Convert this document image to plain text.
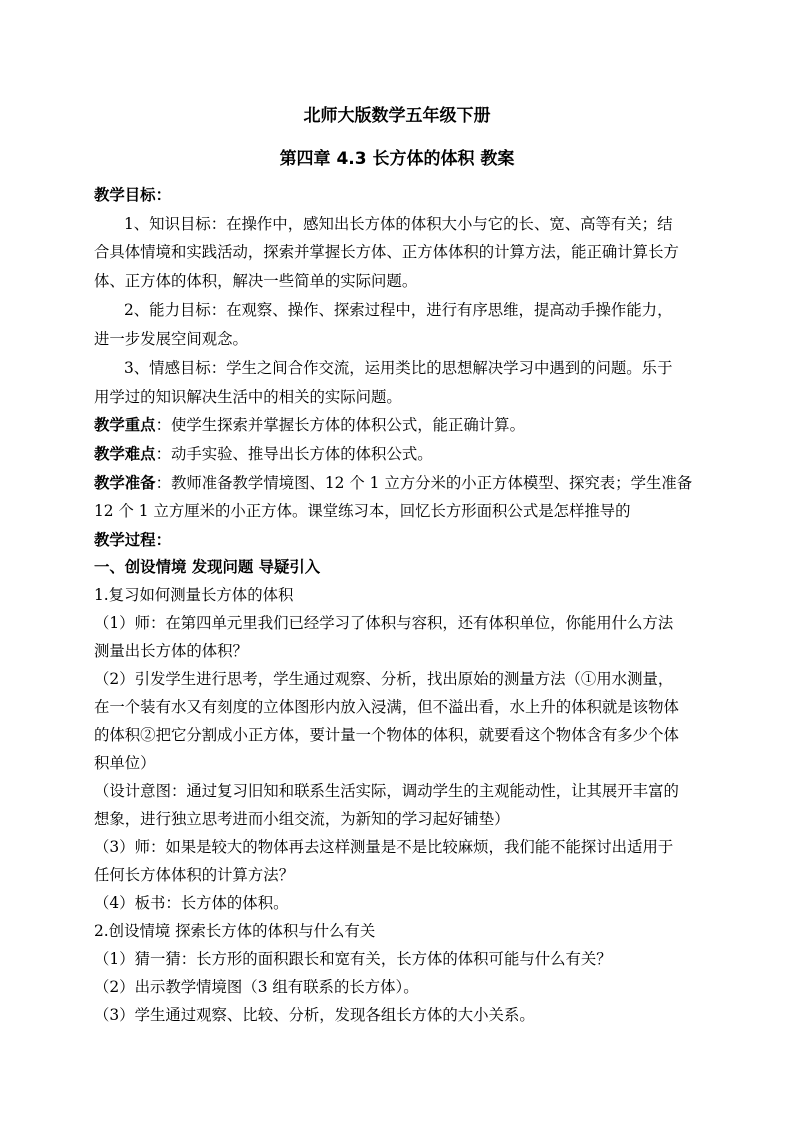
北师大版数学五年级下册
第四章 4.3 长方体的体积 教案
教学目标：
1、知识目标：在操作中，感知出长方体的体积大小与它的长、宽、高等有关；结
合具体情境和实践活动，探索并掌握长方体、正方体体积的计算方法，能正确计算长方
体、正方体的体积，解决一些简单的实际问题。
2、能力目标：在观察、操作、探索过程中，进行有序思维，提高动手操作能力，
进一步发展空间观念。
3、情感目标：学生之间合作交流，运用类比的思想解决学习中遇到的问题。乐于
用学过的知识解决生活中的相关的实际问题。
教学重点：使学生探索并掌握长方体的体积公式，能正确计算。
教学难点：动手实验、推导出长方体的体积公式。
教学准备：教师准备教学情境图、12 个 1 立方分米的小正方体模型、探究表；学生准备
12 个 1 立方厘米的小正方体。课堂练习本，回忆长方形面积公式是怎样推导的
教学过程：
一、创设情境 发现问题 导疑引入
1.复习如何测量长方体的体积
（1）师：在第四单元里我们已经学习了体积与容积，还有体积单位，你能用什么方法
测量出长方体的体积？
（2）引发学生进行思考，学生通过观察、分析，找出原始的测量方法（①用水测量，
在一个装有水又有刻度的立体图形内放入浸满，但不溢出看，水上升的体积就是该物体
的体积②把它分割成小正方体，要计量一个物体的体积，就要看这个物体含有多少个体
积单位）
（设计意图：通过复习旧知和联系生活实际，调动学生的主观能动性，让其展开丰富的
想象，进行独立思考进而小组交流，为新知的学习起好铺垫）
（3）师：如果是较大的物体再去这样测量是不是比较麻烦，我们能不能探讨出适用于
任何长方体体积的计算方法？
（4）板书：长方体的体积。
2.创设情境 探索长方体的体积与什么有关
（1）猜一猜：长方形的面积跟长和宽有关，长方体的体积可能与什么有关？
（2）出示教学情境图（3 组有联系的长方体）。
（3）学生通过观察、比较、分析，发现各组长方体的大小关系。
